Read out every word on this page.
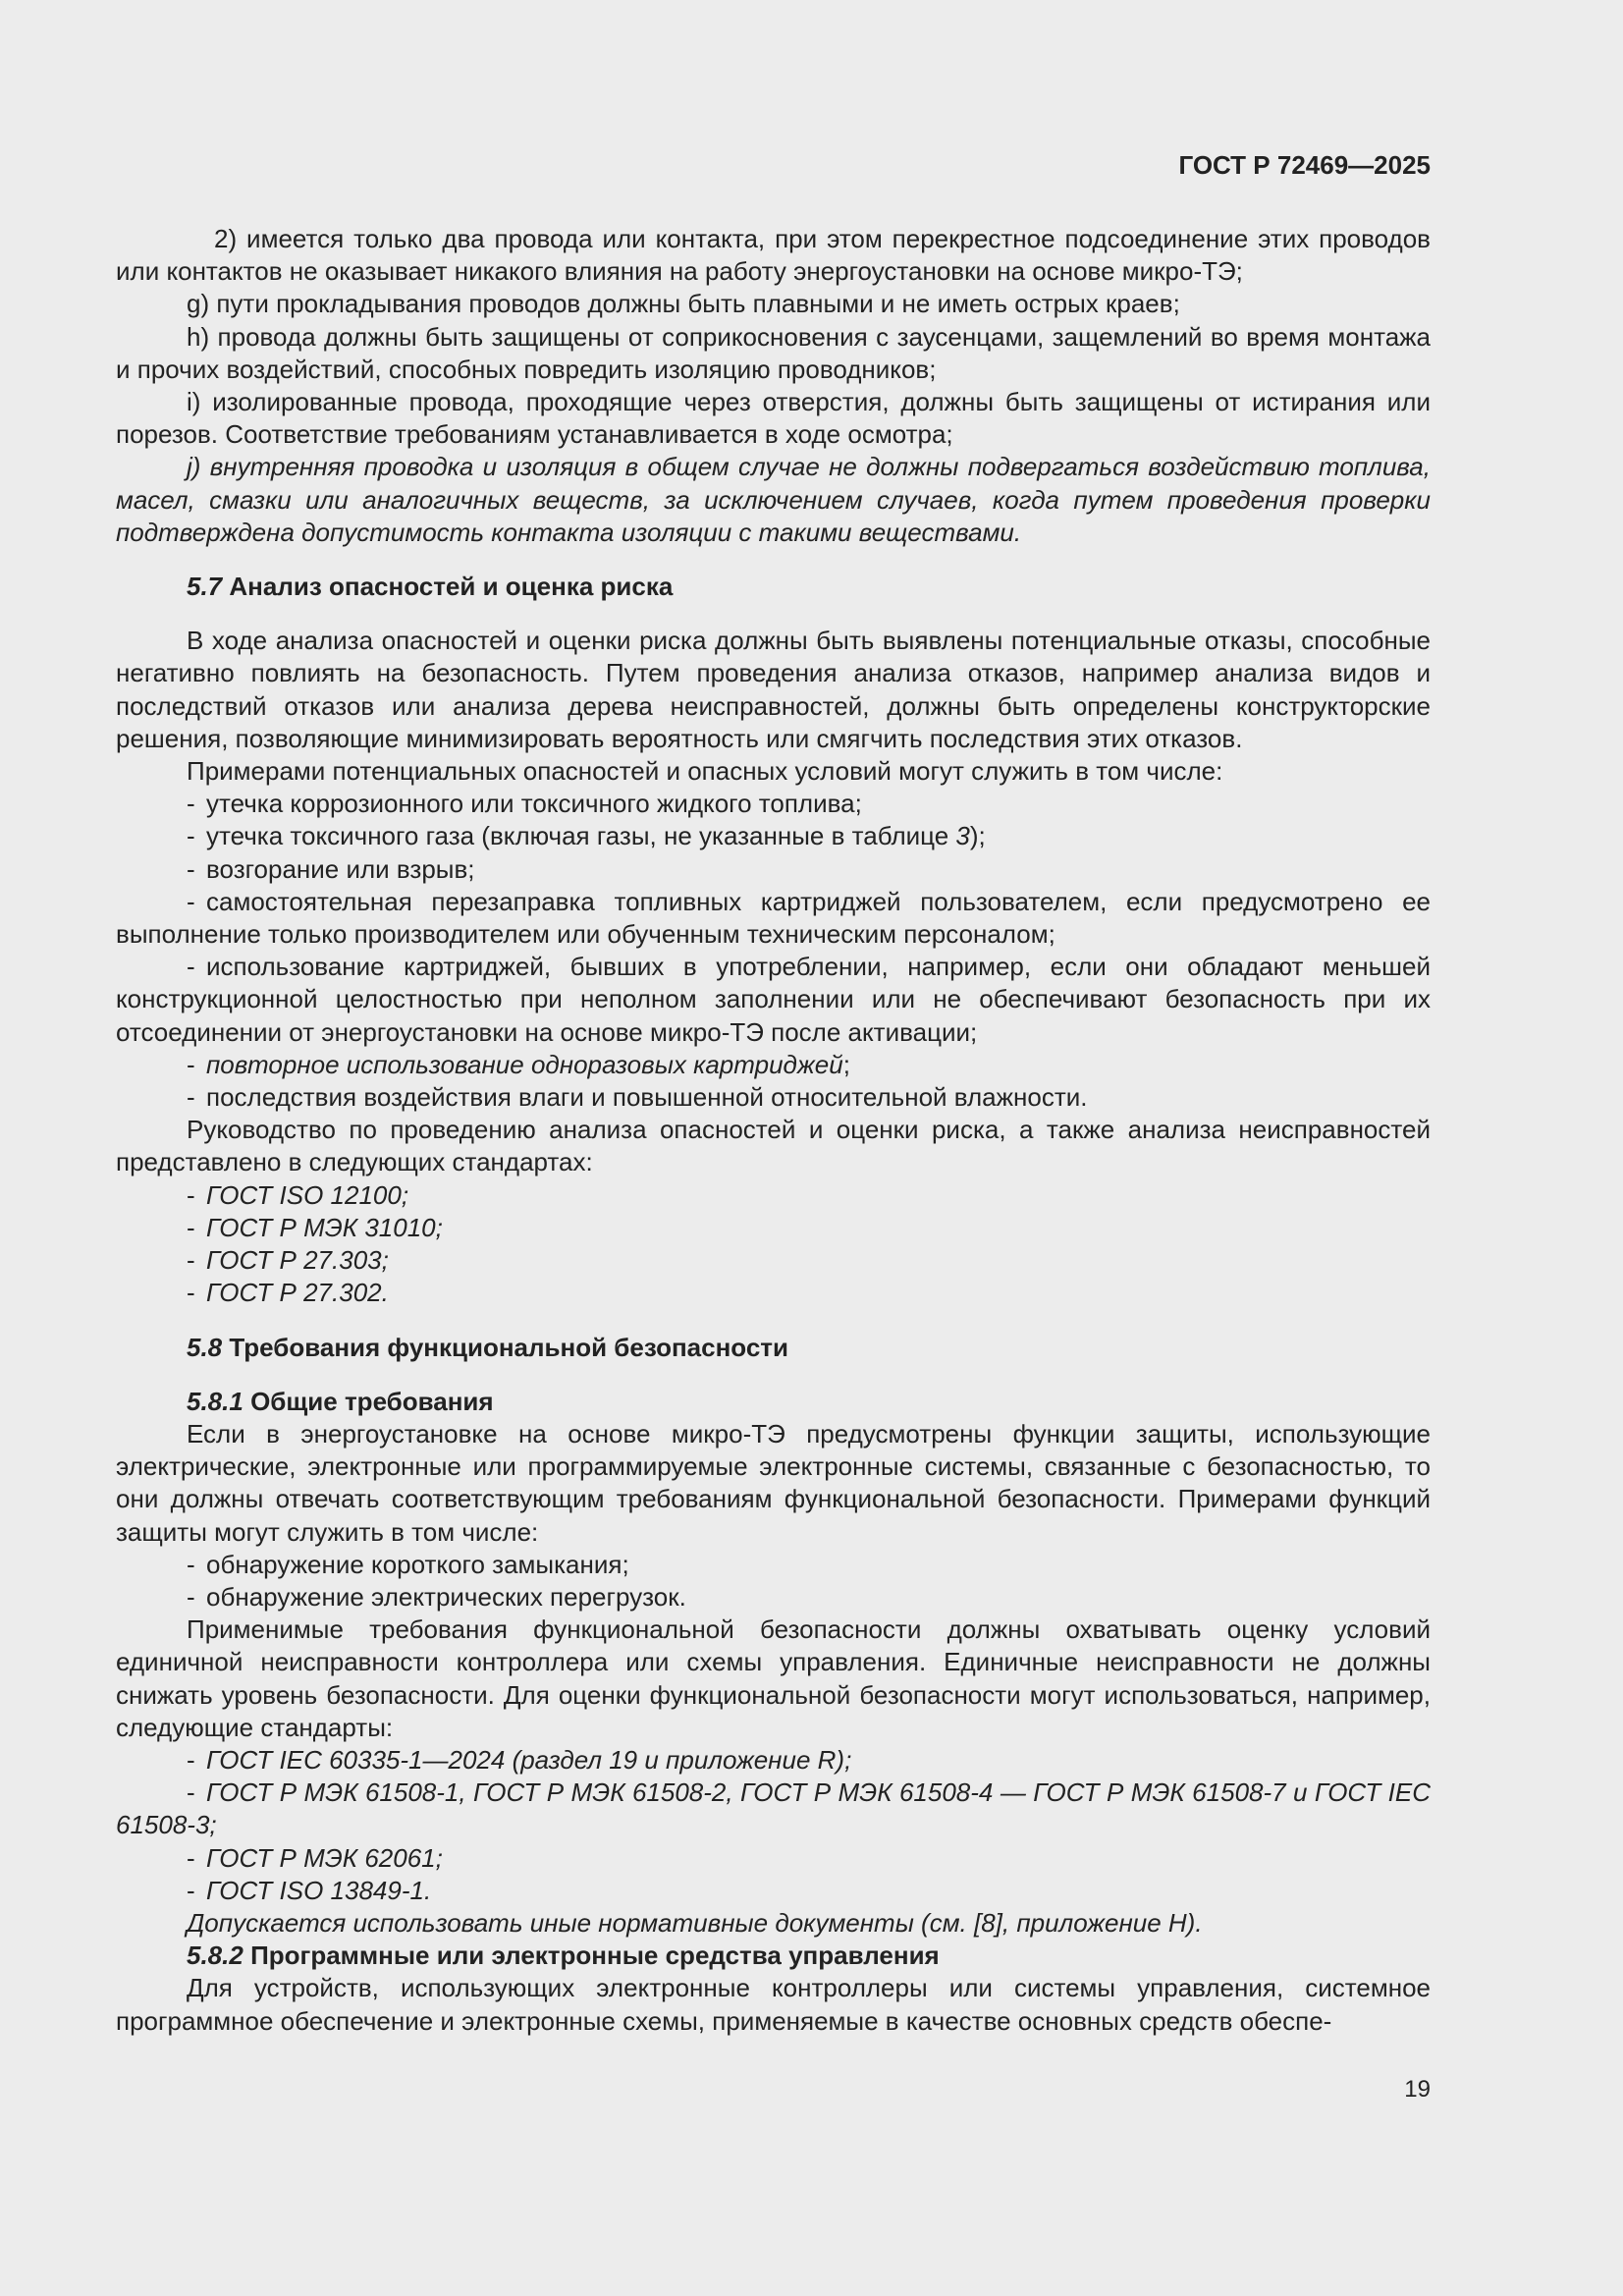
ГОСТ Р 72469—2025

2) имеется только два провода или контакта, при этом перекрестное подсоединение этих проводов или контактов не оказывает никакого влияния на работу энергоустановки на основе микро-ТЭ;

g) пути прокладывания проводов должны быть плавными и не иметь острых краев;

h) провода должны быть защищены от соприкосновения с заусенцами, защемлений во время монтажа и прочих воздействий, способных повредить изоляцию проводников;

i) изолированные провода, проходящие через отверстия, должны быть защищены от истирания или порезов. Соответствие требованиям устанавливается в ходе осмотра;

j) внутренняя проводка и изоляция в общем случае не должны подвергаться воздействию топлива, масел, смазки или аналогичных веществ, за исключением случаев, когда путем проведения проверки подтверждена допустимость контакта изоляции с такими веществами.

5.7 Анализ опасностей и оценка риска

В ходе анализа опасностей и оценки риска должны быть выявлены потенциальные отказы, способные негативно повлиять на безопасность. Путем проведения анализа отказов, например анализа видов и последствий отказов или анализа дерева неисправностей, должны быть определены конструкторские решения, позволяющие минимизировать вероятность или смягчить последствия этих отказов.

Примерами потенциальных опасностей и опасных условий могут служить в том числе:

- утечка коррозионного или токсичного жидкого топлива;

- утечка токсичного газа (включая газы, не указанные в таблице 3);

- возгорание или взрыв;

- самостоятельная перезаправка топливных картриджей пользователем, если предусмотрено ее выполнение только производителем или обученным техническим персоналом;

- использование картриджей, бывших в употреблении, например, если они обладают меньшей конструкционной целостностью при неполном заполнении или не обеспечивают безопасность при их отсоединении от энергоустановки на основе микро-ТЭ после активации;

- повторное использование одноразовых картриджей;

- последствия воздействия влаги и повышенной относительной влажности.

Руководство по проведению анализа опасностей и оценки риска, а также анализа неисправностей представлено в следующих стандартах:

- ГОСТ ISO 12100;

- ГОСТ Р МЭК 31010;

- ГОСТ Р 27.303;

- ГОСТ Р 27.302.

5.8 Требования функциональной безопасности

5.8.1 Общие требования

Если в энергоустановке на основе микро-ТЭ предусмотрены функции защиты, использующие электрические, электронные или программируемые электронные системы, связанные с безопасностью, то они должны отвечать соответствующим требованиям функциональной безопасности. Примерами функций защиты могут служить в том числе:

- обнаружение короткого замыкания;

- обнаружение электрических перегрузок.

Применимые требования функциональной безопасности должны охватывать оценку условий единичной неисправности контроллера или схемы управления. Единичные неисправности не должны снижать уровень безопасности. Для оценки функциональной безопасности могут использоваться, например, следующие стандарты:

- ГОСТ IEC 60335-1—2024 (раздел 19 и приложение R);

- ГОСТ Р МЭК 61508-1, ГОСТ Р МЭК 61508-2, ГОСТ Р МЭК 61508-4 — ГОСТ Р МЭК 61508-7 и ГОСТ IEC 61508-3;

- ГОСТ Р МЭК 62061;

- ГОСТ ISO 13849-1.

Допускается использовать иные нормативные документы (см. [8], приложение Н).

5.8.2 Программные или электронные средства управления

Для устройств, использующих электронные контроллеры или системы управления, системное программное обеспечение и электронные схемы, применяемые в качестве основных средств обеспе-

19
